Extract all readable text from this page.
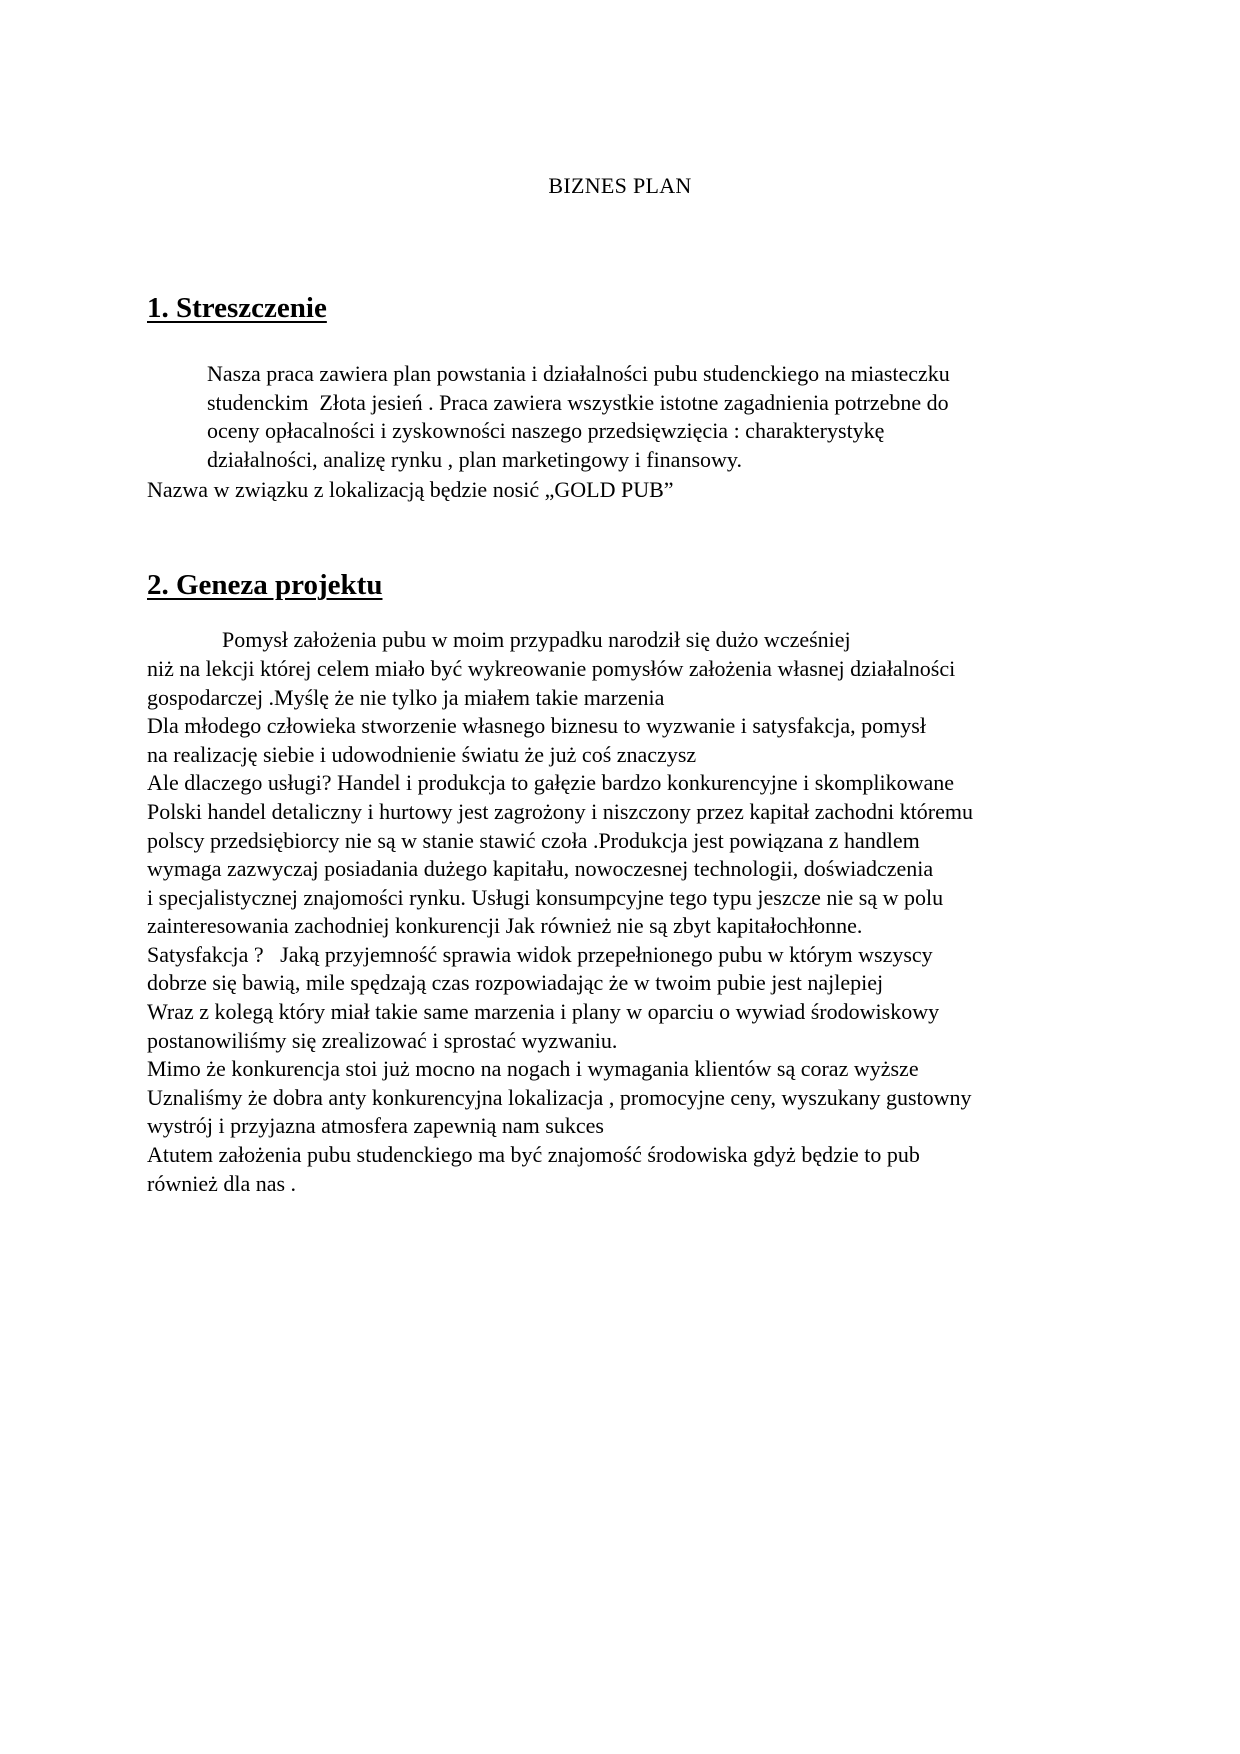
BIZNES PLAN
1. Streszczenie
Nasza praca zawiera plan powstania i działalności pubu studenckiego na miasteczku
studenckim  Złota jesień . Praca zawiera wszystkie istotne zagadnienia potrzebne do
oceny opłacalności i zyskowności naszego przedsięwzięcia : charakterystykę
działalności, analizę rynku , plan marketingowy i finansowy.
Nazwa w związku z lokalizacją będzie nosić „GOLD PUB”
2. Geneza projektu
Pomysł założenia pubu w moim przypadku narodził się dużo wcześniej
niż na lekcji której celem miało być wykreowanie pomysłów założenia własnej działalności
gospodarczej .Myślę że nie tylko ja miałem takie marzenia
Dla młodego człowieka stworzenie własnego biznesu to wyzwanie i satysfakcja, pomysł
na realizację siebie i udowodnienie światu że już coś znaczysz
Ale dlaczego usługi? Handel i produkcja to gałęzie bardzo konkurencyjne i skomplikowane
Polski handel detaliczny i hurtowy jest zagrożony i niszczony przez kapitał zachodni któremu
polscy przedsiębiorcy nie są w stanie stawić czoła .Produkcja jest powiązana z handlem
wymaga zazwyczaj posiadania dużego kapitału, nowoczesnej technologii, doświadczenia
i specjalistycznej znajomości rynku. Usługi konsumpcyjne tego typu jeszcze nie są w polu
zainteresowania zachodniej konkurencji Jak również nie są zbyt kapitałochłonne.
Satysfakcja ?   Jaką przyjemność sprawia widok przepełnionego pubu w którym wszyscy
dobrze się bawią, mile spędzają czas rozpowiadając że w twoim pubie jest najlepiej
Wraz z kolegą który miał takie same marzenia i plany w oparciu o wywiad środowiskowy
postanowiliśmy się zrealizować i sprostać wyzwaniu.
Mimo że konkurencja stoi już mocno na nogach i wymagania klientów są coraz wyższe
Uznaliśmy że dobra anty konkurencyjna lokalizacja , promocyjne ceny, wyszukany gustowny
wystrój i przyjazna atmosfera zapewnią nam sukces
Atutem założenia pubu studenckiego ma być znajomość środowiska gdyż będzie to pub
również dla nas .
